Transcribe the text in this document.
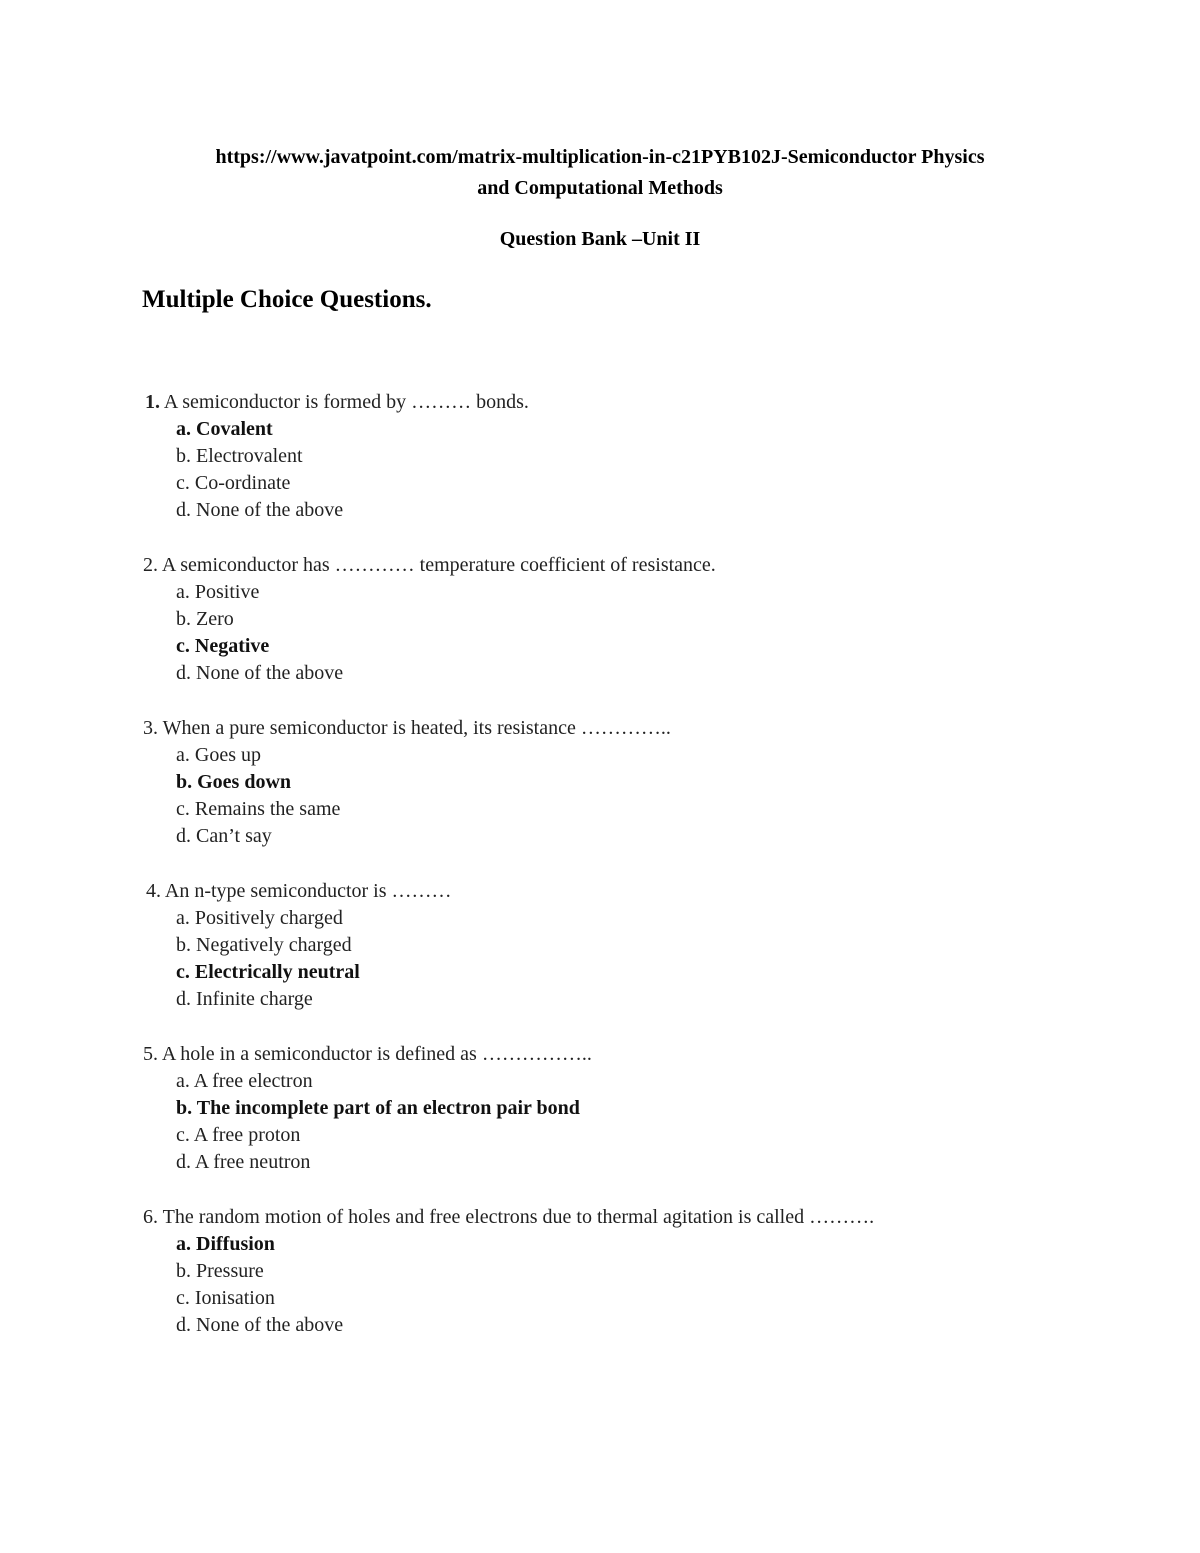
https://www.javatpoint.com/matrix-multiplication-in-c21PYB102J-Semiconductor Physics
and Computational Methods
Question Bank –Unit II
Multiple Choice Questions.
1. A semiconductor is formed by ……… bonds.
a. Covalent
b. Electrovalent
c. Co-ordinate
d. None of the above
2. A semiconductor has ………… temperature coefficient of resistance.
a. Positive
b. Zero
c. Negative
d. None of the above
3. When a pure semiconductor is heated, its resistance …………..
a. Goes up
b. Goes down
c. Remains the same
d. Can’t say
4. An n-type semiconductor is ………
a. Positively charged
b. Negatively charged
c. Electrically neutral
d. Infinite charge
5. A hole in a semiconductor is defined as ……………..
a. A free electron
b. The incomplete part of an electron pair bond
c. A free proton
d. A free neutron
6. The random motion of holes and free electrons due to thermal agitation is called ……….
a. Diffusion
b. Pressure
c. Ionisation
d. None of the above
